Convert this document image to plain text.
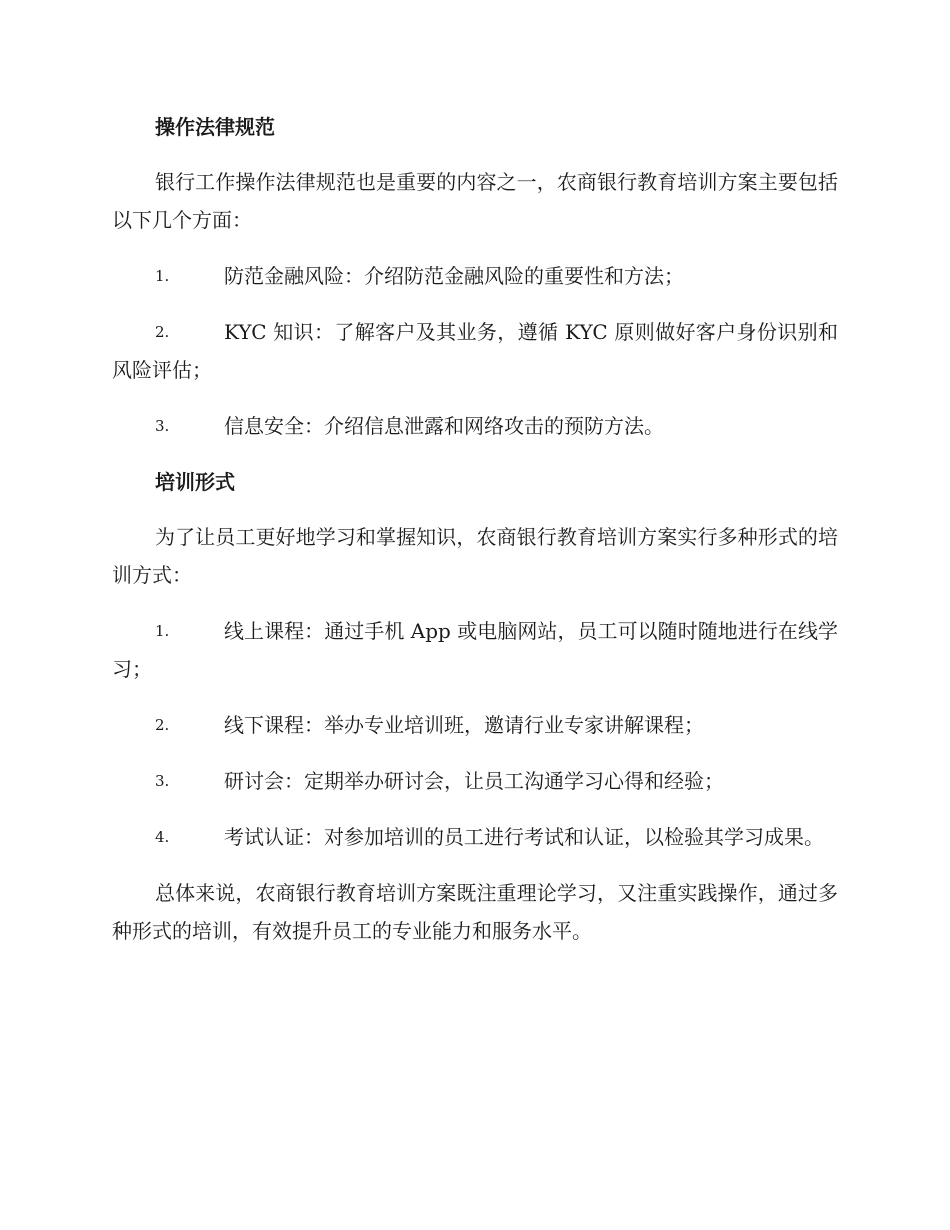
操作法律规范

银行工作操作法律规范也是重要的内容之一，农商银行教育培训方案主要包括以下几个方面：

1.	防范金融风险：介绍防范金融风险的重要性和方法；
2.	KYC 知识：了解客户及其业务，遵循 KYC 原则做好客户身份识别和风险评估；
3.	信息安全：介绍信息泄露和网络攻击的预防方法。
培训形式

为了让员工更好地学习和掌握知识，农商银行教育培训方案实行多种形式的培训方式：

1.	线上课程：通过手机 App 或电脑网站，员工可以随时随地进行在线学习；
2.	线下课程：举办专业培训班，邀请行业专家讲解课程；
3.	研讨会：定期举办研讨会，让员工沟通学习心得和经验；
4.	考试认证：对参加培训的员工进行考试和认证，以检验其学习成果。

总体来说，农商银行教育培训方案既注重理论学习，又注重实践操作，通过多种形式的培训，有效提升员工的专业能力和服务水平。
